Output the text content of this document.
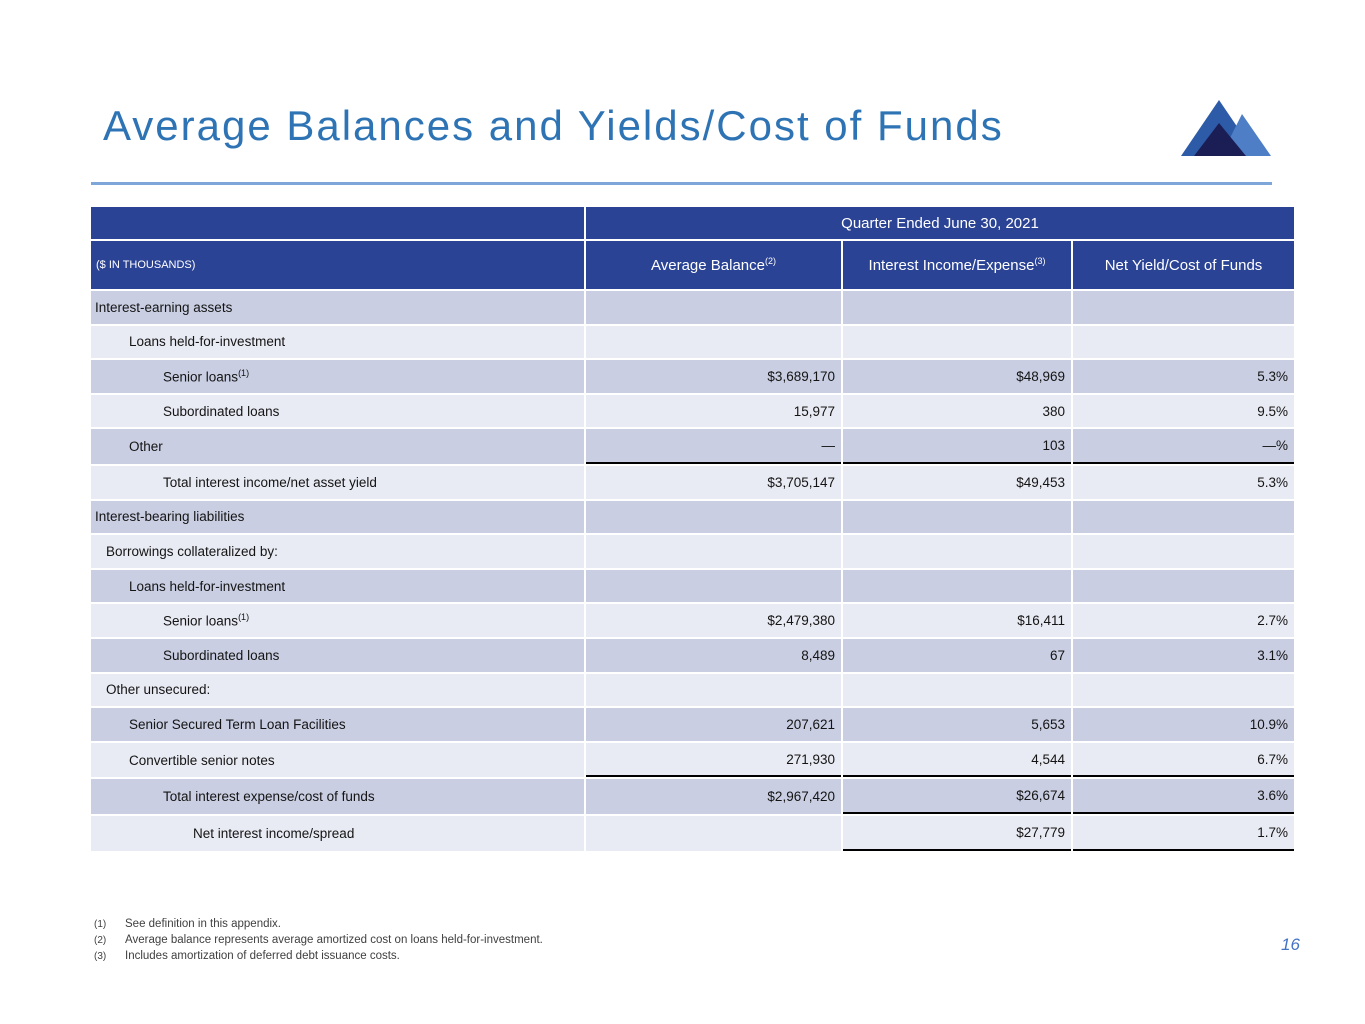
Average Balances and Yields/Cost of Funds
	Quarter Ended June 30, 2021		
($ IN THOUSANDS)	Average Balance$^{(2)}$	Interest Income/Expense$^{(3)}$	Net Yield/Cost of Funds
Interest-earning assets			
Loans held-for-investment			
Senior loans$^{(1)}$	$3,689,170	$48,969	5.3%
Subordinated loans	15,977	380	9.5%
Other	—	103	—%
Total interest income/net asset yield	$3,705,147	$49,453	5.3%
Interest-bearing liabilities			
Borrowings collateralized by:			
Loans held-for-investment			
Senior loans$^{(1)}$	$2,479,380	$16,411	2.7%
Subordinated loans	8,489	67	3.1%
Other unsecured:			
Senior Secured Term Loan Facilities	207,621	5,653	10.9%
Convertible senior notes	271,930	4,544	6.7%
Total interest expense/cost of funds	$2,967,420	$26,674	3.6%
Net interest income/spread		$27,779	1.7%
(1)	See definition in this appendix.
(2)	Average balance represents average amortized cost on loans held-for-investment.
(3)	Includes amortization of deferred debt issuance costs.
16
